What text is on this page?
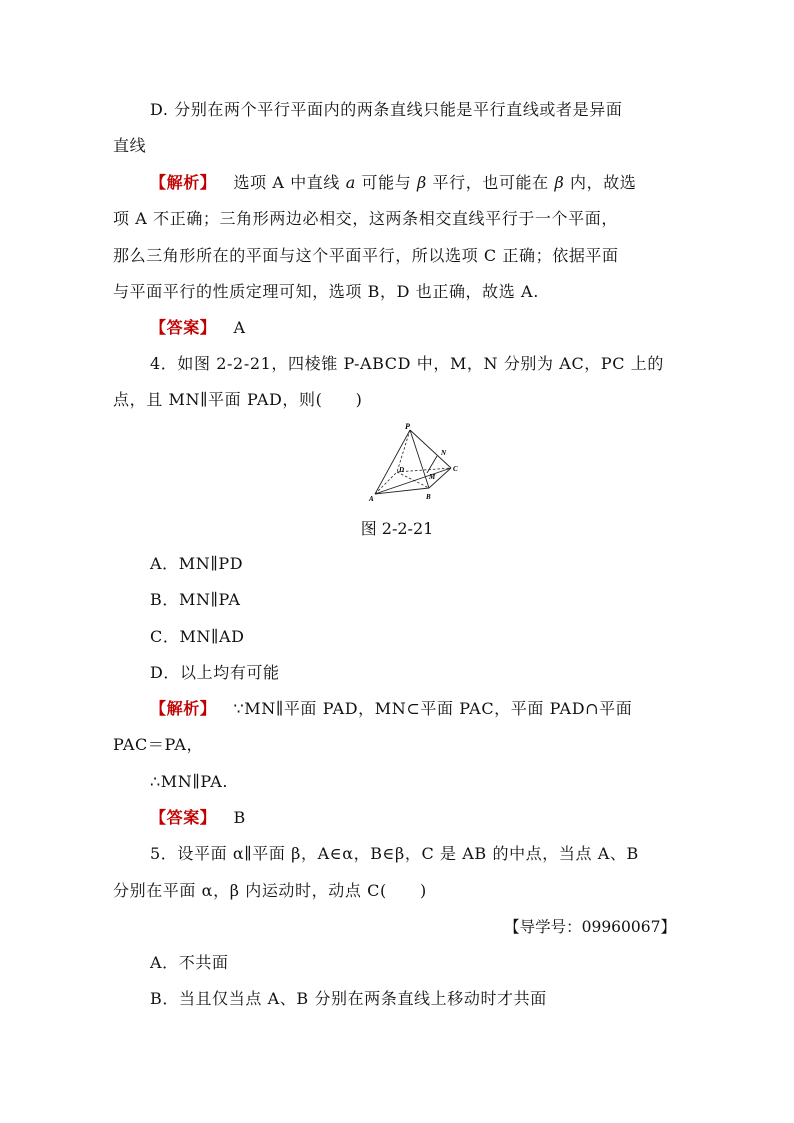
D. 分别在两个平行平面内的两条直线只能是平行直线或者是异面
直线
【解析】 选项 A 中直线 a 可能与 β 平行，也可能在 β 内，故选
项 A 不正确；三角形两边必相交，这两条相交直线平行于一个平面，
那么三角形所在的平面与这个平面平行，所以选项 C 正确；依据平面
与平面平行的性质定理可知，选项 B，D 也正确，故选 A.
【答案】 A
4．如图 2-2-21，四棱锥 P-ABCD 中，M，N 分别为 AC，PC 上的
点，且 MN∥平面 PAD，则(　　)
P
N
C
D
M
A	B
图 2-2-21
A．MN∥PD
B．MN∥PA
C．MN∥AD
D．以上均有可能
【解析】 ∵MN∥平面 PAD，MN⊂平面 PAC，平面 PAD∩平面
PAC＝PA，
∴MN∥PA.
【答案】 B
5．设平面 α∥平面 β，A∈α，B∈β，C 是 AB 的中点，当点 A、B
分别在平面 α，β 内运动时，动点 C(　　)
【导学号：09960067】
A．不共面
B．当且仅当点 A、B 分别在两条直线上移动时才共面
